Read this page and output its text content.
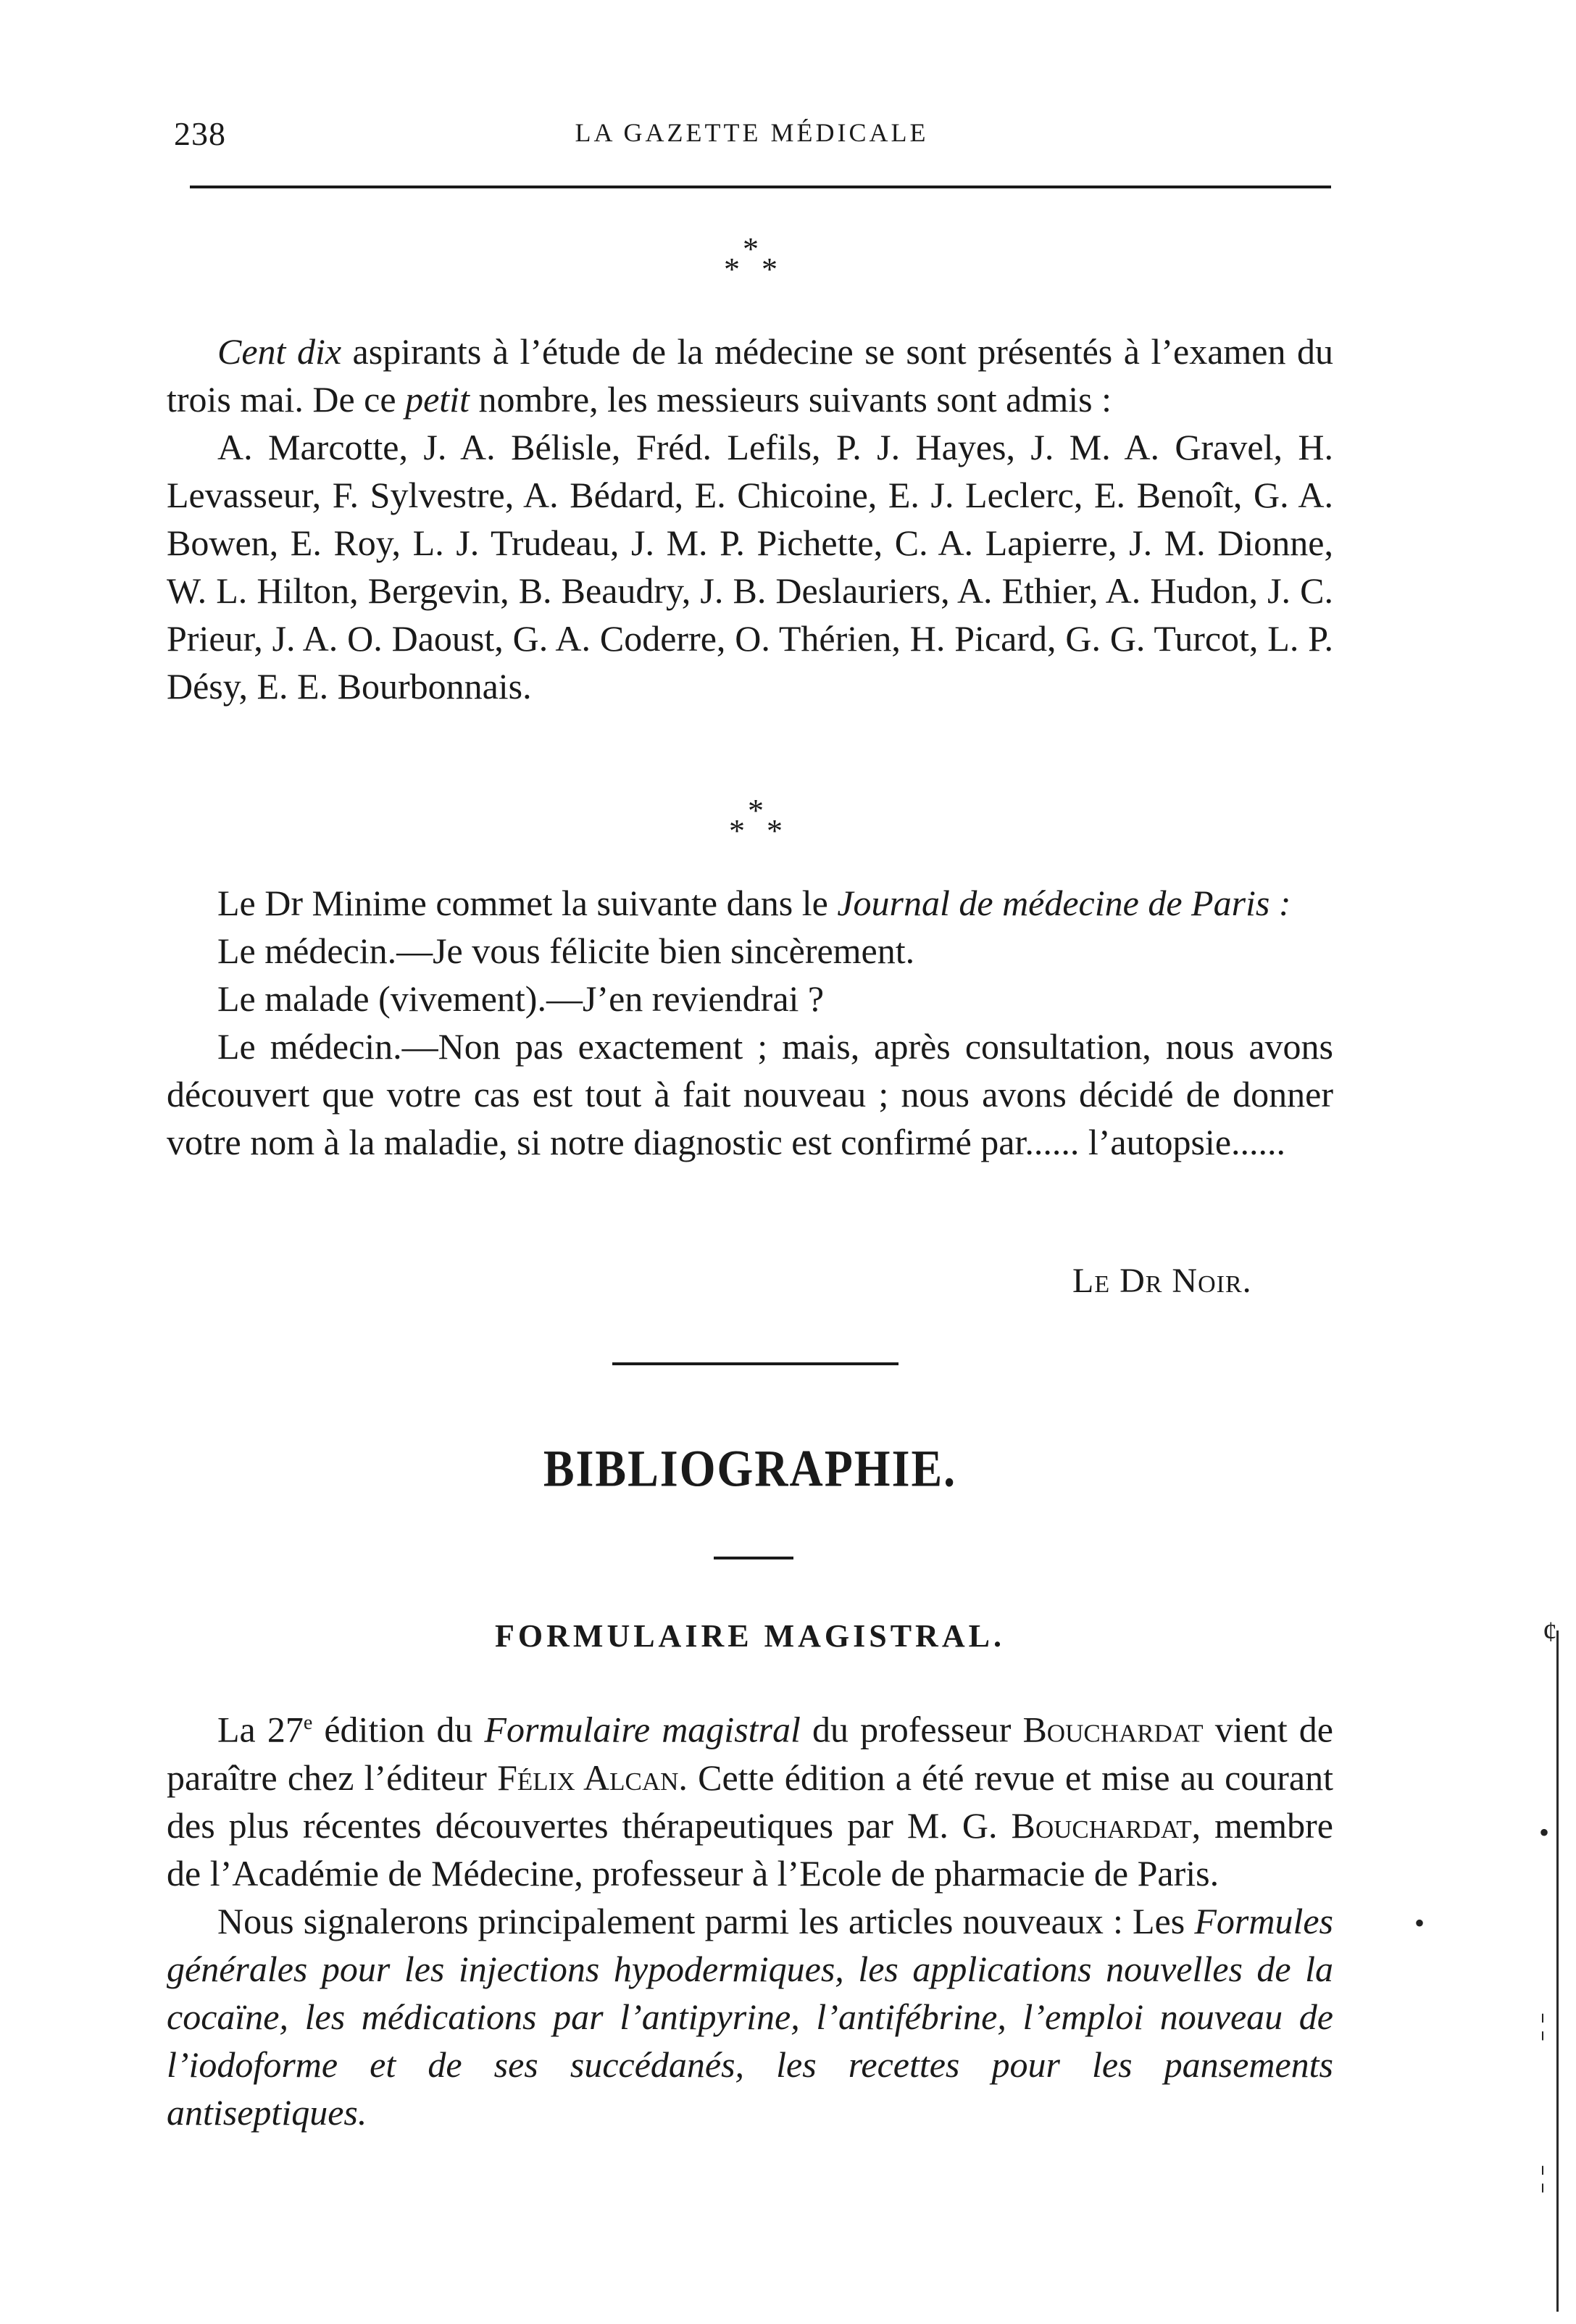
238	LA GAZETTE MÉDICALE
*
* *

Cent dix aspirants à l’étude de la médecine se sont présentés à l’examen du trois mai. De ce petit nombre, les messieurs suivants sont admis :

A. Marcotte, J. A. Bélisle, Fréd. Lefils, P. J. Hayes, J. M. A. Gravel, H. Levasseur, F. Sylvestre, A. Bédard, E. Chicoine, E. J. Leclerc, E. Benoît, G. A. Bowen, E. Roy, L. J. Trudeau, J. M. P. Pichette, C. A. Lapierre, J. M. Dionne, W. L. Hilton, Bergevin, B. Beaudry, J. B. Deslauriers, A. Ethier, A. Hudon, J. C. Prieur, J. A. O. Daoust, G. A. Coderre, O. Thérien, H. Picard, G. G. Turcot, L. P. Désy, E. E. Bourbonnais.

*
* *

Le Dr Minime commet la suivante dans le Journal de médecine de Paris :

Le médecin.—Je vous félicite bien sincèrement.

Le malade (vivement).—J’en reviendrai ?

Le médecin.—Non pas exactement ; mais, après consultation, nous avons découvert que votre cas est tout à fait nouveau ; nous avons décidé de donner votre nom à la maladie, si notre diagnostic est confirmé par...... l’autopsie......

Le Dr Noir.
BIBLIOGRAPHIE.
FORMULAIRE MAGISTRAL.

La 27e édition du Formulaire magistral du professeur Bouchardat vient de paraître chez l’éditeur Félix Alcan. Cette édition a été revue et mise au courant des plus récentes découvertes thérapeutiques par M. G. Bouchardat, membre de l’Académie de Médecine, professeur à l’Ecole de pharmacie de Paris.

Nous signalerons principalement parmi les articles nouveaux : Les Formules générales pour les injections hypodermiques, les applications nouvelles de la cocaïne, les médications par l’antipyrine, l’antifébrine, l’emploi nouveau de l’iodoforme et de ses succédanés, les recettes pour les pansements antiseptiques.

¢
•
•
¦
¦
